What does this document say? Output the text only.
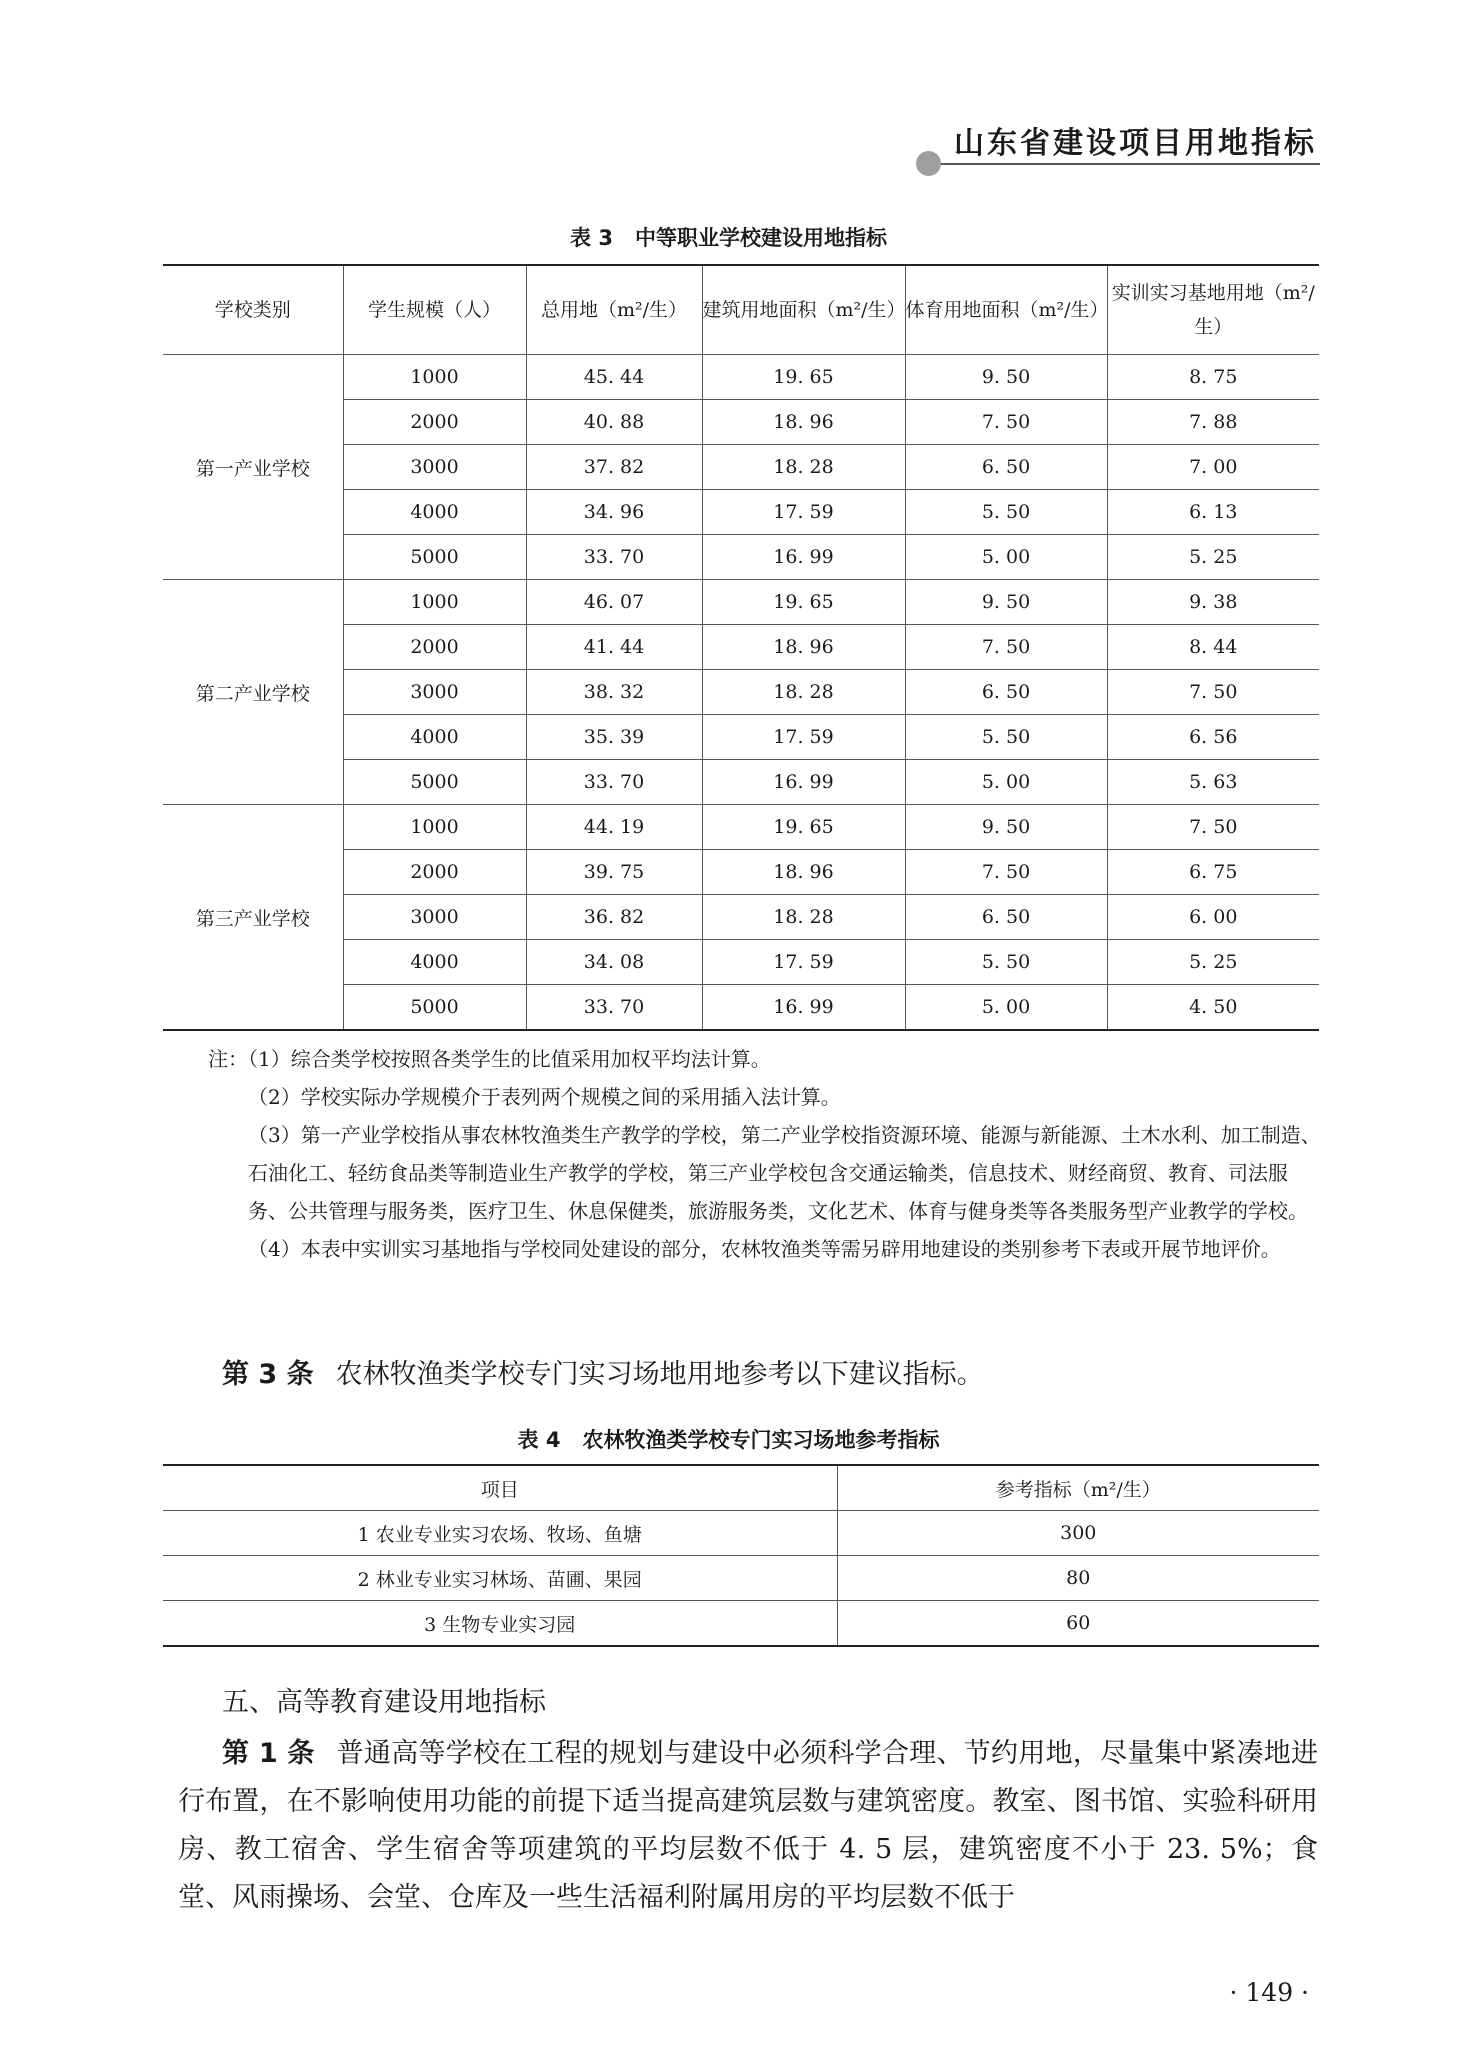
山东省建设项目用地指标
表 3 中等职业学校建设用地指标
学校类别	学生规模（人）	总用地（m²/生）	建筑用地面积（m²/生）	体育用地面积（m²/生）	实训实习基地用地（m²/生）
第一产业学校	1000	45. 44	19. 65	9. 50	8. 75
	2000	40. 88	18. 96	7. 50	7. 88
	3000	37. 82	18. 28	6. 50	7. 00
	4000	34. 96	17. 59	5. 50	6. 13
	5000	33. 70	16. 99	5. 00	5. 25
第二产业学校	1000	46. 07	19. 65	9. 50	9. 38
	2000	41. 44	18. 96	7. 50	8. 44
	3000	38. 32	18. 28	6. 50	7. 50
	4000	35. 39	17. 59	5. 50	6. 56
	5000	33. 70	16. 99	5. 00	5. 63
第三产业学校	1000	44. 19	19. 65	9. 50	7. 50
	2000	39. 75	18. 96	7. 50	6. 75
	3000	36. 82	18. 28	6. 50	6. 00
	4000	34. 08	17. 59	5. 50	5. 25
	5000	33. 70	16. 99	5. 00	4. 50

注：（1）综合类学校按照各类学生的比值采用加权平均法计算。

（2）学校实际办学规模介于表列两个规模之间的采用插入法计算。

（3）第一产业学校指从事农林牧渔类生产教学的学校，第二产业学校指资源环境、能源与新能源、土木水利、加工制造、石油化工、轻纺食品类等制造业生产教学的学校，第三产业学校包含交通运输类，信息技术、财经商贸、教育、司法服务、公共管理与服务类，医疗卫生、休息保健类，旅游服务类，文化艺术、体育与健身类等各类服务型产业教学的学校。

（4）本表中实训实习基地指与学校同处建设的部分，农林牧渔类等需另辟用地建设的类别参考下表或开展节地评价。

第 3 条 农林牧渔类学校专门实习场地用地参考以下建议指标。
表 4 农林牧渔类学校专门实习场地参考指标
项目	参考指标（m²/生）
1 农业专业实习农场、牧场、鱼塘	300
2 林业专业实习林场、苗圃、果园	80
3 生物专业实习园	60
五、高等教育建设用地指标
第 1 条 普通高等学校在工程的规划与建设中必须科学合理、节约用地，尽量集中紧凑地进行布置，在不影响使用功能的前提下适当提高建筑层数与建筑密度。教室、图书馆、实验科研用房、教工宿舍、学生宿舍等项建筑的平均层数不低于 4. 5 层，建筑密度不小于 23. 5%；食堂、风雨操场、会堂、仓库及一些生活福利附属用房的平均层数不低于
· 149 ·
